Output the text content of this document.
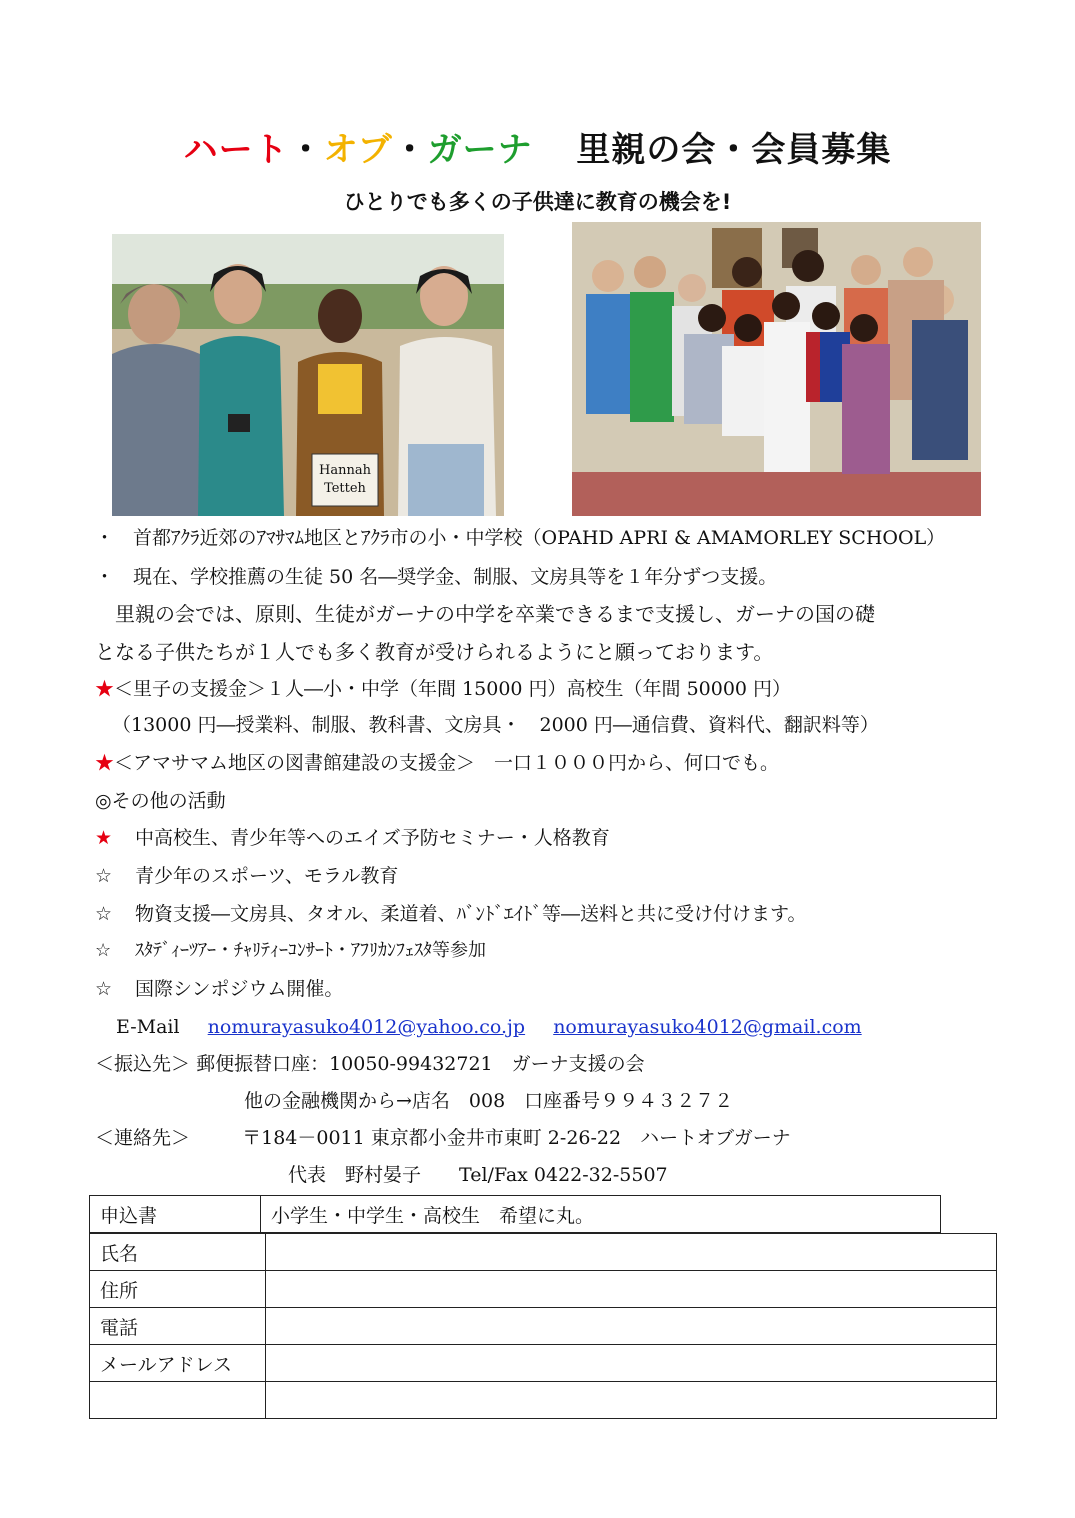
ハート・オブ・ガーナ 里親の会・会員募集
ひとりでも多くの子供達に教育の機会を!
Hannah
Tetteh
・　首都ｱｸﾗ近郊のｱﾏｻﾏﾑ地区とｱｸﾗ市の小・中学校（OPAHD APRI & AMAMORLEY SCHOOL）
・　現在、学校推薦の生徒 50 名―奨学金、制服、文房具等を１年分ずつ支援。
　里親の会では、原則、生徒がガーナの中学を卒業できるまで支援し、ガーナの国の礎
となる子供たちが１人でも多く教育が受けられるようにと願っております。
★＜里子の支援金＞１人―小・中学（年間 15000 円）高校生（年間 50000 円）
（13000 円―授業料、制服、教科書、文房具・　2000 円―通信費、資料代、翻訳料等）
★＜アマサマム地区の図書館建設の支援金＞　一口１０００円から、何口でも。
◎その他の活動
★ 中高校生、青少年等へのエイズ予防セミナー・人格教育
☆ 青少年のスポーツ、モラル教育
☆ 物資支援―文房具、タオル、柔道着、ﾊﾞﾝﾄﾞｴｲﾄﾞ等―送料と共に受け付けます。
☆ ｽﾀﾃﾞｨｰﾂｱｰ・ﾁｬﾘﾃｨｰｺﾝｻｰﾄ・ｱﾌﾘｶﾝﾌｪｽﾀ等参加
☆ 国際シンポジウム開催。
E-Mail nomurayasuko4012@yahoo.co.jp nomurayasuko4012@gmail.com
＜振込先＞ 郵便振替口座：10050-99432721　ガーナ支援の会
他の金融機関から→店名　008　口座番号９９４３２７２
＜連絡先＞	〒184－0011 東京都小金井市東町 2-26-22　ハートオブガーナ
代表　野村晏子　　Tel/Fax 0422-32-5507
申込書	小学生・中学生・高校生　希望に丸。
氏名	
住所	
電話	
メールアドレス	
